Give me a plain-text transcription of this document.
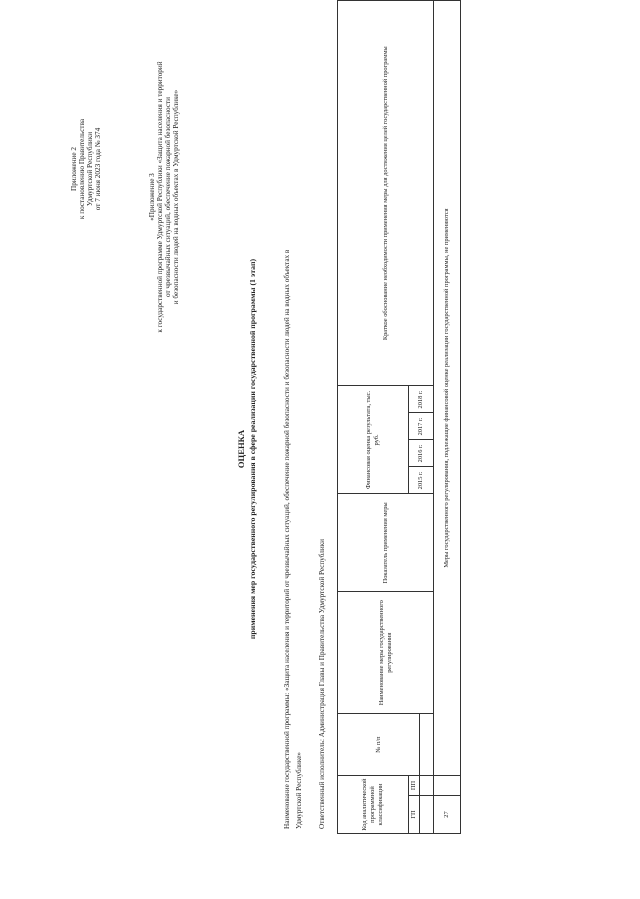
Приложение 2 к постановлению Правительства Удмуртской Республики от 7 июня 2023 года № 374	«Приложение 3 к государственной программе Удмуртской Республики «Защита населения и территорий от чрезвычайных ситуаций, обеспечение пожарной безопасности и безопасности людей на водных объектах в Удмуртской Республике»
ОЦЕНКА применения мер государственного регулирования в сфере реализации государственной программы (1 этап)	Наименование государственной программы: «Защита населения и территорий от чрезвычайных ситуаций, обеспечение пожарной безопасности и безопасности людей на водных объектах в Удмуртской Республике» Ответственный исполнитель: Администрация Главы и Правительства Удмуртской Республики	Код аналитической программной классификации		№ п/п	Наименование меры государственного регулирования	Показатель применения меры	Финансовая оценка результата, тыс. руб.				Краткое обоснование необходимости применения меры для достижения целей государственной программы
ГП	ПП				2015 г.	2016 г.	2017 г.	2018 г.	

27		Меры государственного регулирования, подлежащие финансовой оценке реализации государственной программы, не применяются							
